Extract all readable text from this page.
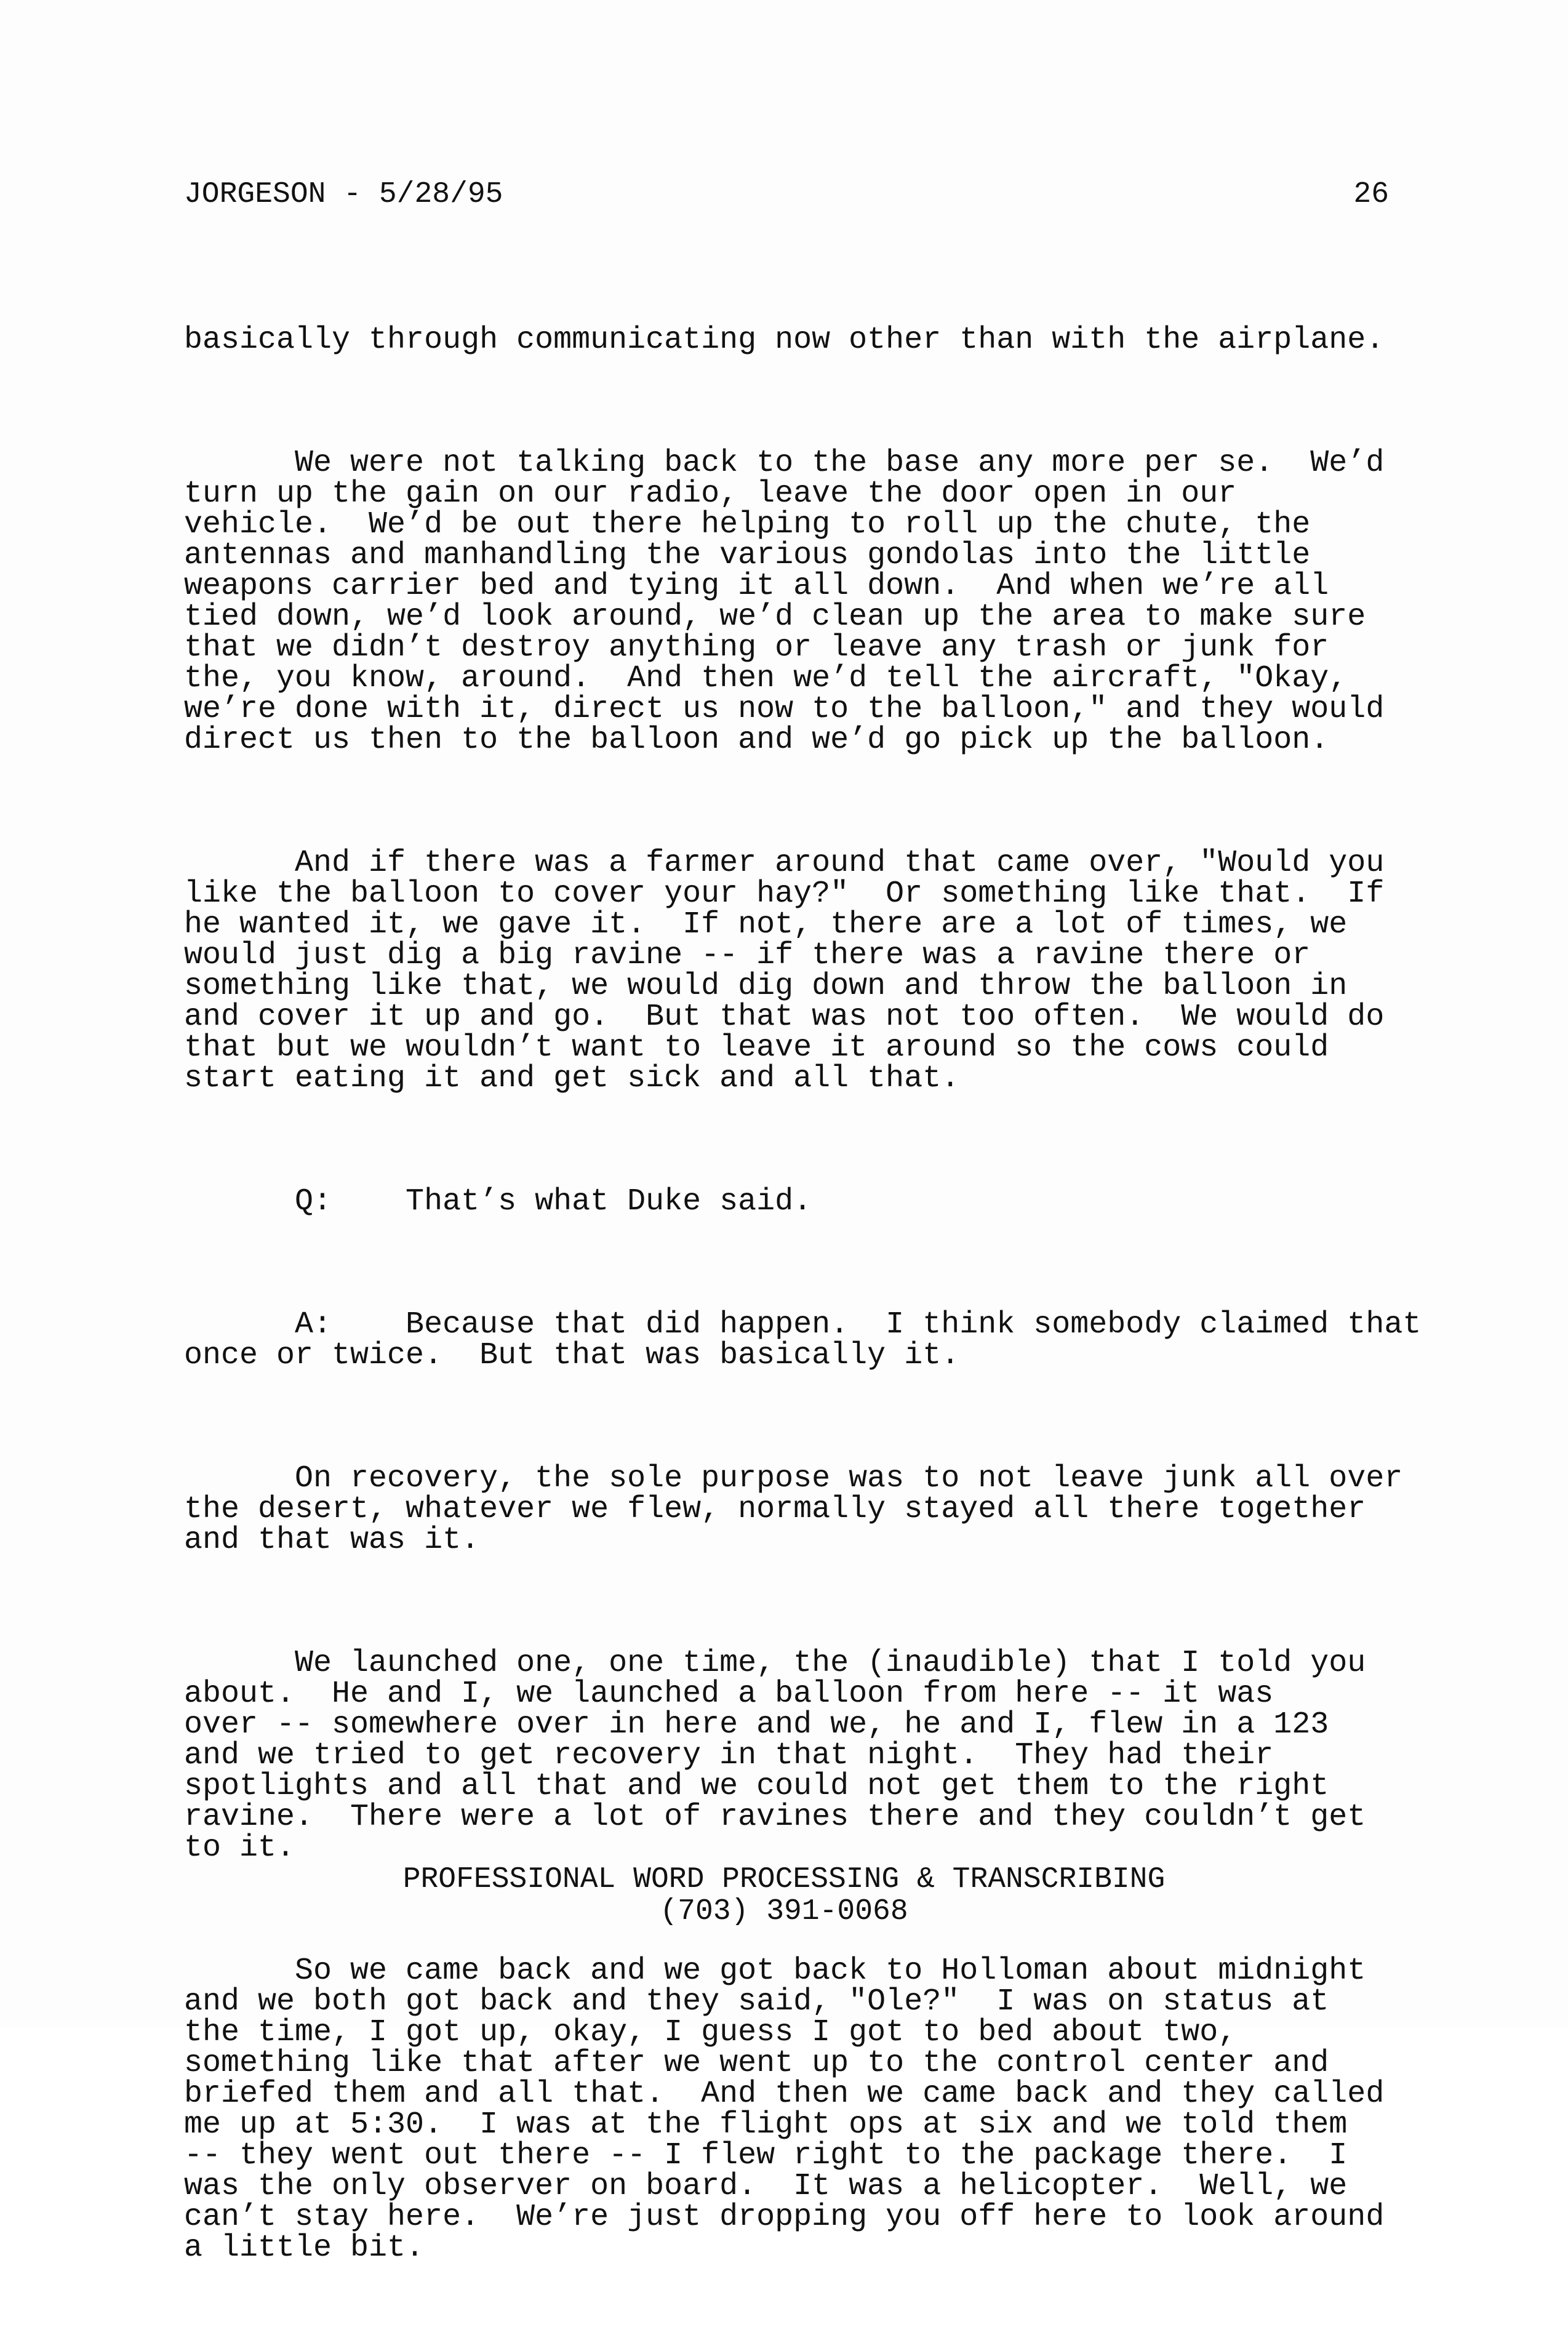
JORGESON - 5/28/95	26

basically through communicating now other than with the airplane.

We were not talking back to the base any more per se.  We’d
turn up the gain on our radio, leave the door open in our
vehicle.  We’d be out there helping to roll up the chute, the
antennas and manhandling the various gondolas into the little
weapons carrier bed and tying it all down.  And when we’re all
tied down, we’d look around, we’d clean up the area to make sure
that we didn’t destroy anything or leave any trash or junk for
the, you know, around.  And then we’d tell the aircraft, "Okay,
we’re done with it, direct us now to the balloon," and they would
direct us then to the balloon and we’d go pick up the balloon.

And if there was a farmer around that came over, "Would you
like the balloon to cover your hay?"  Or something like that.  If
he wanted it, we gave it.  If not, there are a lot of times, we
would just dig a big ravine -- if there was a ravine there or
something like that, we would dig down and throw the balloon in
and cover it up and go.  But that was not too often.  We would do
that but we wouldn’t want to leave it around so the cows could
start eating it and get sick and all that.

Q:    That’s what Duke said.

A:    Because that did happen.  I think somebody claimed that
once or twice.  But that was basically it.

On recovery, the sole purpose was to not leave junk all over
the desert, whatever we flew, normally stayed all there together
and that was it.

We launched one, one time, the (inaudible) that I told you
about.  He and I, we launched a balloon from here -- it was
over -- somewhere over in here and we, he and I, flew in a 123
and we tried to get recovery in that night.  They had their
spotlights and all that and we could not get them to the right
ravine.  There were a lot of ravines there and they couldn’t get
to it.

So we came back and we got back to Holloman about midnight
and we both got back and they said, "Ole?"  I was on status at
the time, I got up, okay, I guess I got to bed about two,
something like that after we went up to the control center and
briefed them and all that.  And then we came back and they called
me up at 5:30.  I was at the flight ops at six and we told them
-- they went out there -- I flew right to the package there.  I
was the only observer on board.  It was a helicopter.  Well, we
can’t stay here.  We’re just dropping you off here to look around
a little bit.

PROFESSIONAL WORD PROCESSING & TRANSCRIBING
(703) 391-0068
